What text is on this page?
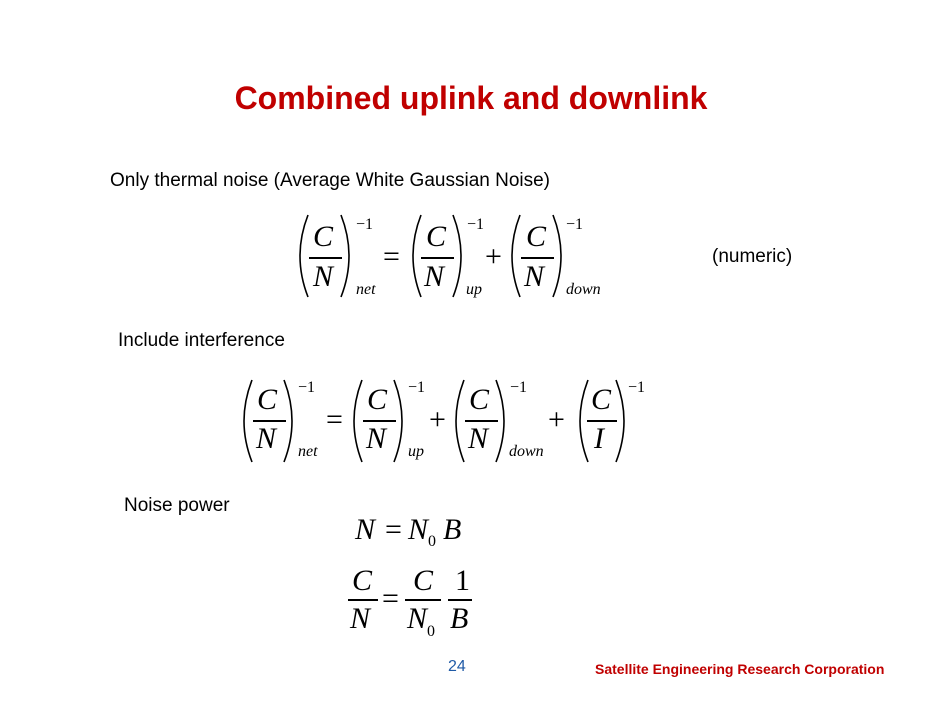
Combined uplink and downlink
Only thermal noise (Average White Gaussian Noise)
C
N
−1
net
=
C
N
−1
up
+
C
N
−1
down
(numeric)
Include interference
C
N
−1
net
=
C
N
−1
up
+
C
N
−1
down
+
C
I
−1
Noise power
N = N 0 B
C
N
=
C
N 0
1
B
24	Satellite Engineering Research Corporation
